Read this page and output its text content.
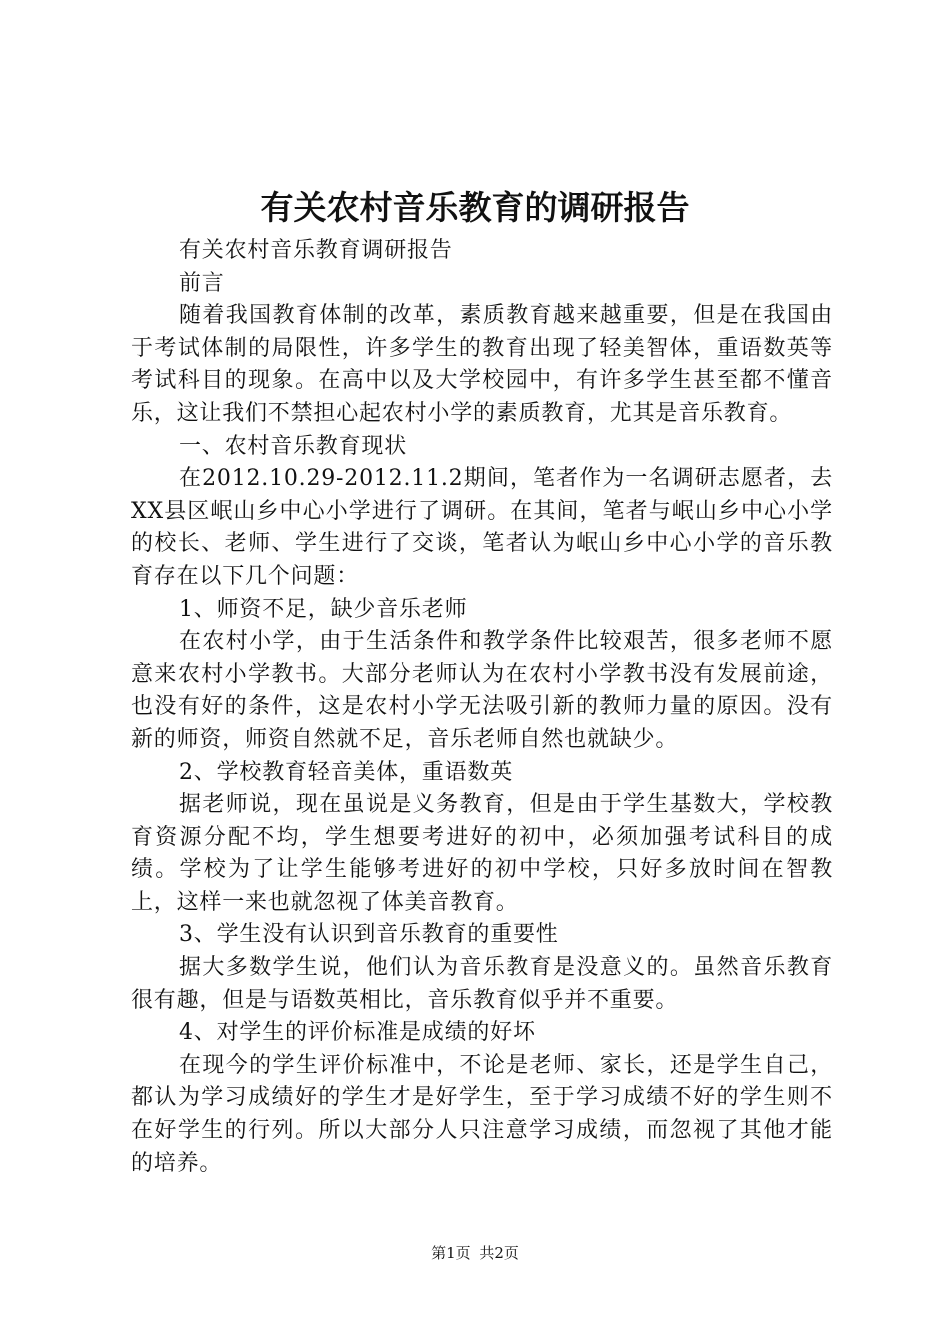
有关农村音乐教育的调研报告

有关农村音乐教育调研报告

前言

随着我国教育体制的改革，素质教育越来越重要，但是在我国由于考试体制的局限性，许多学生的教育出现了轻美智体，重语数英等考试科目的现象。在高中以及大学校园中，有许多学生甚至都不懂音乐，这让我们不禁担心起农村小学的素质教育，尤其是音乐教育。

一、农村音乐教育现状

在2012.10.29-2012.11.2期间，笔者作为一名调研志愿者，去XX县区岷山乡中心小学进行了调研。在其间，笔者与岷山乡中心小学的校长、老师、学生进行了交谈，笔者认为岷山乡中心小学的音乐教育存在以下几个问题：

1、师资不足，缺少音乐老师

在农村小学，由于生活条件和教学条件比较艰苦，很多老师不愿意来农村小学教书。大部分老师认为在农村小学教书没有发展前途，也没有好的条件，这是农村小学无法吸引新的教师力量的原因。没有新的师资，师资自然就不足，音乐老师自然也就缺少。

2、学校教育轻音美体，重语数英

据老师说，现在虽说是义务教育，但是由于学生基数大，学校教育资源分配不均，学生想要考进好的初中，必须加强考试科目的成绩。学校为了让学生能够考进好的初中学校，只好多放时间在智教上，这样一来也就忽视了体美音教育。

3、学生没有认识到音乐教育的重要性

据大多数学生说，他们认为音乐教育是没意义的。虽然音乐教育很有趣，但是与语数英相比，音乐教育似乎并不重要。

4、对学生的评价标准是成绩的好坏

在现今的学生评价标准中，不论是老师、家长，还是学生自己，都认为学习成绩好的学生才是好学生，至于学习成绩不好的学生则不在好学生的行列。所以大部分人只注意学习成绩，而忽视了其他才能的培养。

第1页 共2页
